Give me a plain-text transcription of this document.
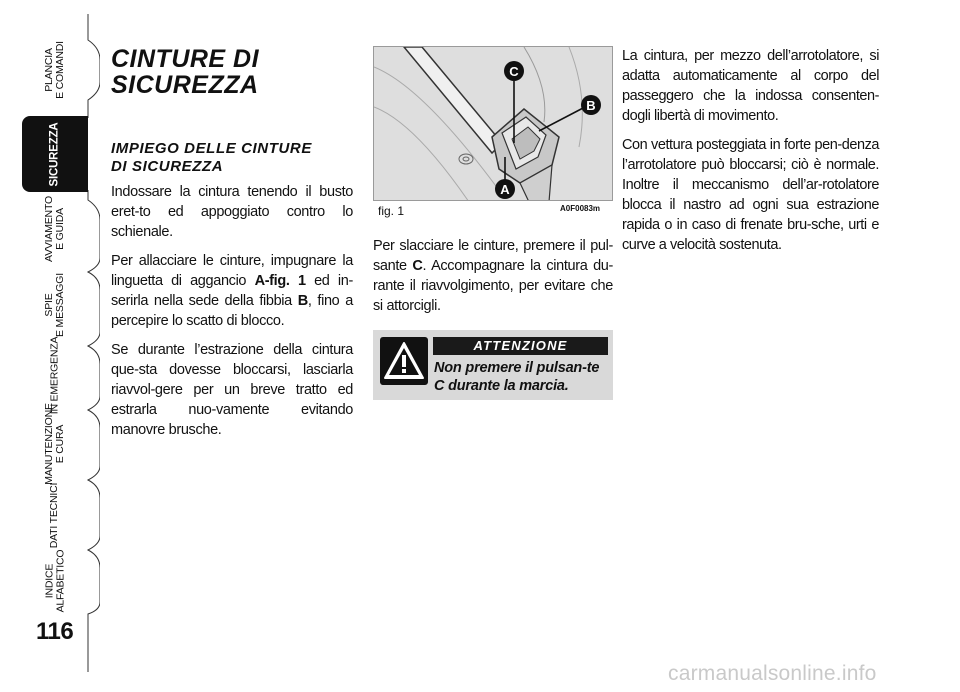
PLANCIA
E COMANDI
SICUREZZA
AVVIAMENTO
E GUIDA
SPIE
E MESSAGGI
IN EMERGENZA
MANUTENZIONE
E CURA
DATI TECNICI
INDICE
ALFABETICO
116
CINTURE DI
SICUREZZA
IMPIEGO DELLE CINTURE
DI SICUREZZA

Indossare la cintura tenendo il busto eret-to ed appoggiato contro lo schienale.

Per allacciare le cinture, impugnare la linguetta di aggancio A-fig. 1 ed in-serirla nella sede della fibbia B, fino a percepire lo scatto di blocco.

Se durante l’estrazione della cintura que-sta dovesse bloccarsi, lasciarla riavvol-gere per un breve tratto ed estrarla nuo-vamente evitando manovre brusche.

C
B
A
fig. 1	A0F0083m

Per slacciare le cinture, premere il pul-sante C. Accompagnare la cintura du-rante il riavvolgimento, per evitare che si attorcigli.

ATTENZIONE
Non premere il pulsan-te C durante la marcia.

La cintura, per mezzo dell’arrotolatore, si adatta automaticamente al corpo del passeggero che la indossa consenten-dogli libertà di movimento.

Con vettura posteggiata in forte pen-denza l’arrotolatore può bloccarsi; ciò è normale. Inoltre il meccanismo dell’ar-rotolatore blocca il nastro ad ogni sua estrazione rapida o in caso di frenate bru-sche, urti e curve a velocità sostenuta.

carmanualsonline.info
